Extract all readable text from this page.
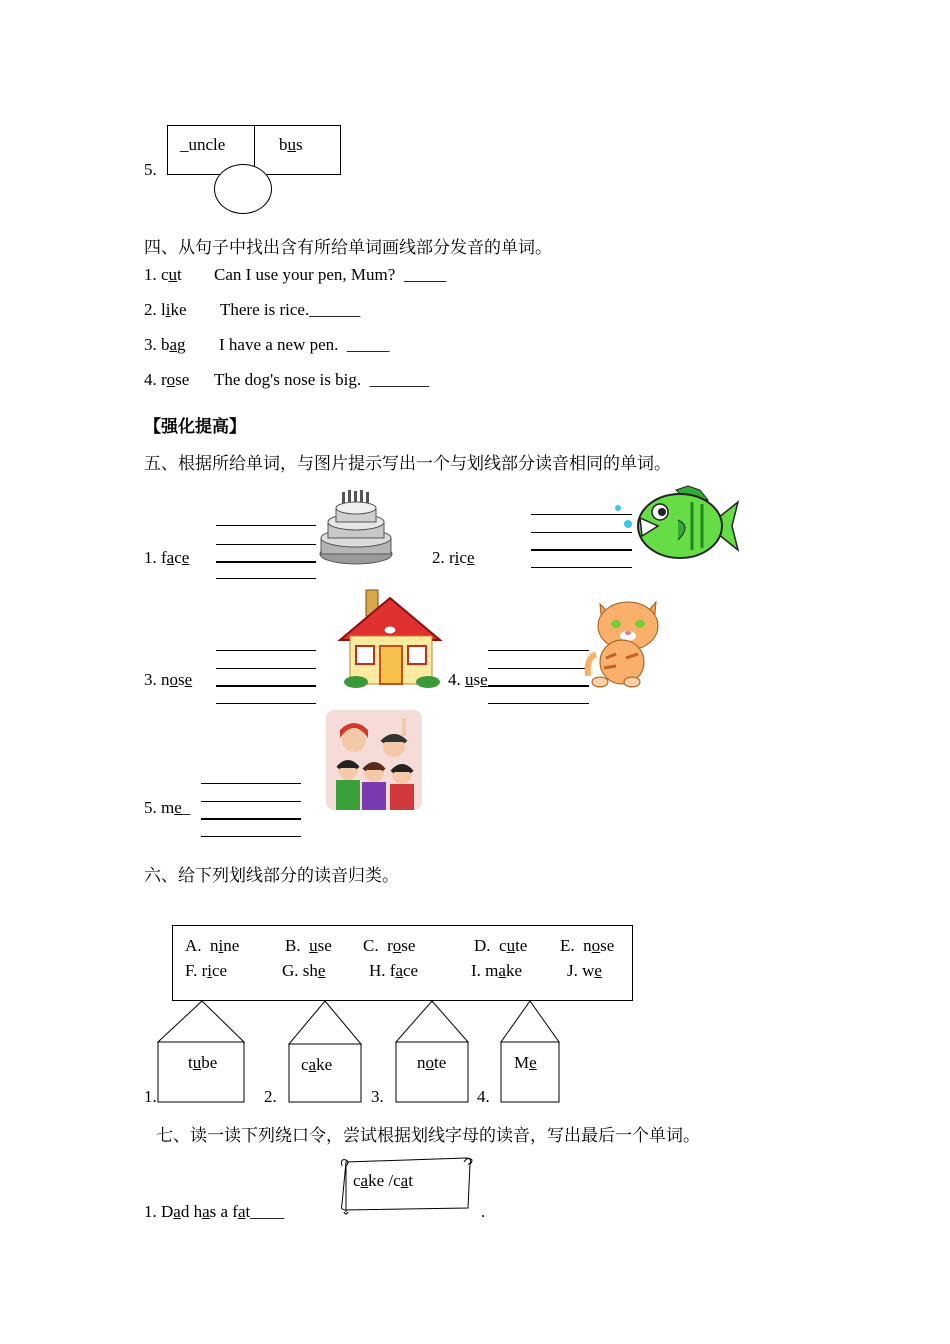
5.
_uncle	bus
四、从句子中找出含有所给单词画线部分发音的单词。
1. cut Can I use your pen, Mum? _____
2. like There is rice.______
3. bag I have a new pen. _____
4. rose The dog's nose is big. _______
【强化提高】
五、根据所给单词，与图片提示写出一个与划线部分读音相同的单词。
1. face	2. rice
3. nose	4. use
5. me_
六、给下列划线部分的读音归类。
A. nine	B. use C. rose	D. cute E. nose
F. rice	G. she	H. face	I. make	J. we
tube	cake	note	Me
1.	2.	3.	4.
七、读一读下列绕口令，尝试根据划线字母的读音，写出最后一个单词。
cake /cat
1. Dad has a fat____	.
